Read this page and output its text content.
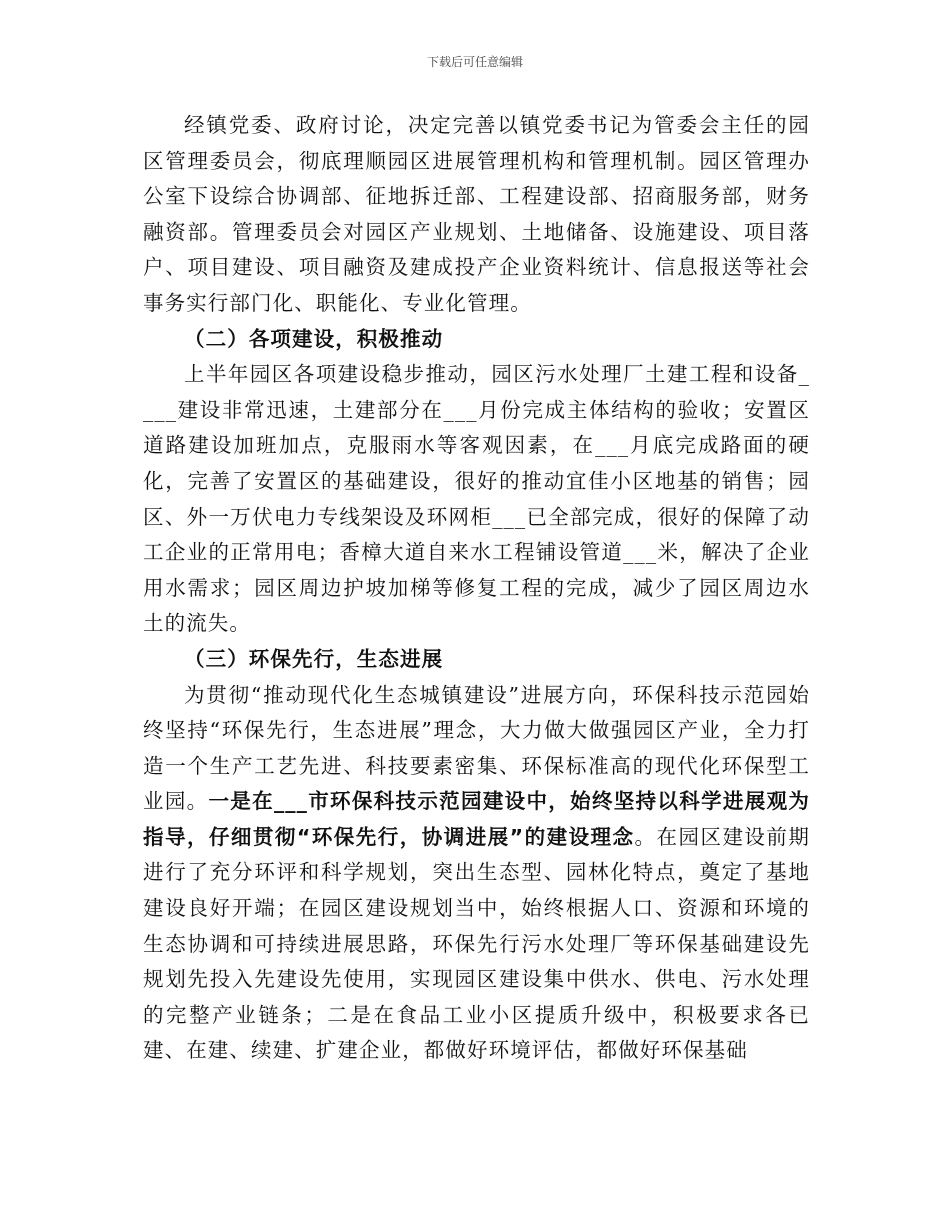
下载后可任意编辑

经镇党委、政府讨论，决定完善以镇党委书记为管委会主任的园区管理委员会，彻底理顺园区进展管理机构和管理机制。园区管理办公室下设综合协调部、征地拆迁部、工程建设部、招商服务部，财务融资部。管理委员会对园区产业规划、土地储备、设施建设、项目落户、项目建设、项目融资及建成投产企业资料统计、信息报送等社会事务实行部门化、职能化、专业化管理。

（二）各项建设，积极推动

上半年园区各项建设稳步推动，园区污水处理厂土建工程和设备____建设非常迅速，土建部分在___月份完成主体结构的验收；安置区道路建设加班加点，克服雨水等客观因素，在___月底完成路面的硬化，完善了安置区的基础建设，很好的推动宜佳小区地基的销售；园区、外一万伏电力专线架设及环网柜___已全部完成，很好的保障了动工企业的正常用电；香樟大道自来水工程铺设管道___米，解决了企业用水需求；园区周边护坡加梯等修复工程的完成，减少了园区周边水土的流失。

（三）环保先行，生态进展

为贯彻“推动现代化生态城镇建设”进展方向，环保科技示范园始终坚持“环保先行，生态进展”理念，大力做大做强园区产业，全力打造一个生产工艺先进、科技要素密集、环保标准高的现代化环保型工业园。一是在___市环保科技示范园建设中，始终坚持以科学进展观为指导，仔细贯彻“环保先行，协调进展”的建设理念。在园区建设前期进行了充分环评和科学规划，突出生态型、园林化特点，奠定了基地建设良好开端；在园区建设规划当中，始终根据人口、资源和环境的生态协调和可持续进展思路，环保先行污水处理厂等环保基础建设先规划先投入先建设先使用，实现园区建设集中供水、供电、污水处理的完整产业链条；二是在食品工业小区提质升级中，积极要求各已建、在建、续建、扩建企业，都做好环境评估，都做好环保基础
